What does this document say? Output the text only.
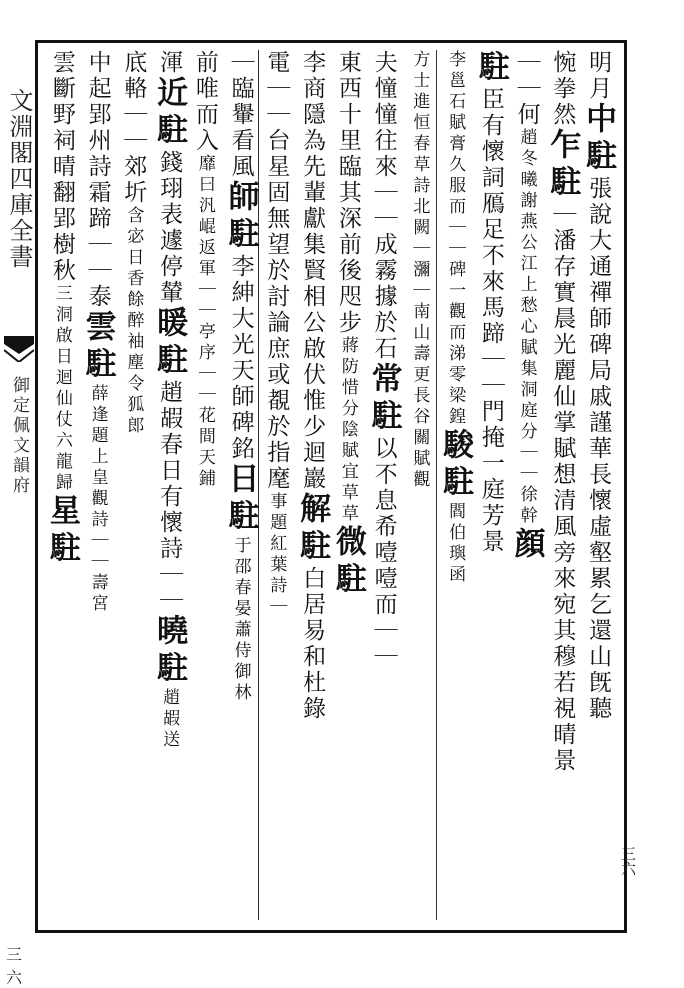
文淵閣四庫全書
御定佩文韻府
三六
三六
明月中駐張說大通禪師碑局戚謹華長懷虛壑累乞還山旣聽
惋拳然乍駐｜潘存實晨光麗仙掌賦想清風旁來宛其穆若視晴景
｜｜何趙冬曦謝燕公江上愁心賦集洞庭分｜｜徐幹顔
駐臣有懷詞鴈足不來馬蹄｜｜門掩一庭芳景
李邕石賦膏久服而｜｜碑一觀而涕零梁鍠駿駐閻伯璵函
方士進恒春草詩北闕｜瀰｜南山壽更長谷關賦觀
夫憧憧往來｜｜成霧據於石常駐以不息希噎噎而｜｜
東西十里臨其深前後咫步蔣防惜分陰賦宜草草微駐
李商隱為先輩獻集賢相公啟伏惟少迴巖解駐白居易和杜錄
電｜｜台星固無望於討論庶或覩於指麾事題紅葉詩｜
｜臨轝看風師駐李紳大光天師碑銘日駐于邵春晏蕭侍御林
前唯而入靡曰汎崐返軍｜｜亭序｜｜花間天鋪
渾近駐錢珝表遽停輦暖駐趙嘏春日有懷詩｜｜曉駐趙嘏送
底輅｜｜郊圻含宓日香餘醉袖塵令狐郎
中起郢州詩霜蹄｜｜泰雲駐薛逢題上皇觀詩｜｜壽宮
雲斷野祠晴翻郢樹秋三洞啟日迴仙仗六龍歸星駐
